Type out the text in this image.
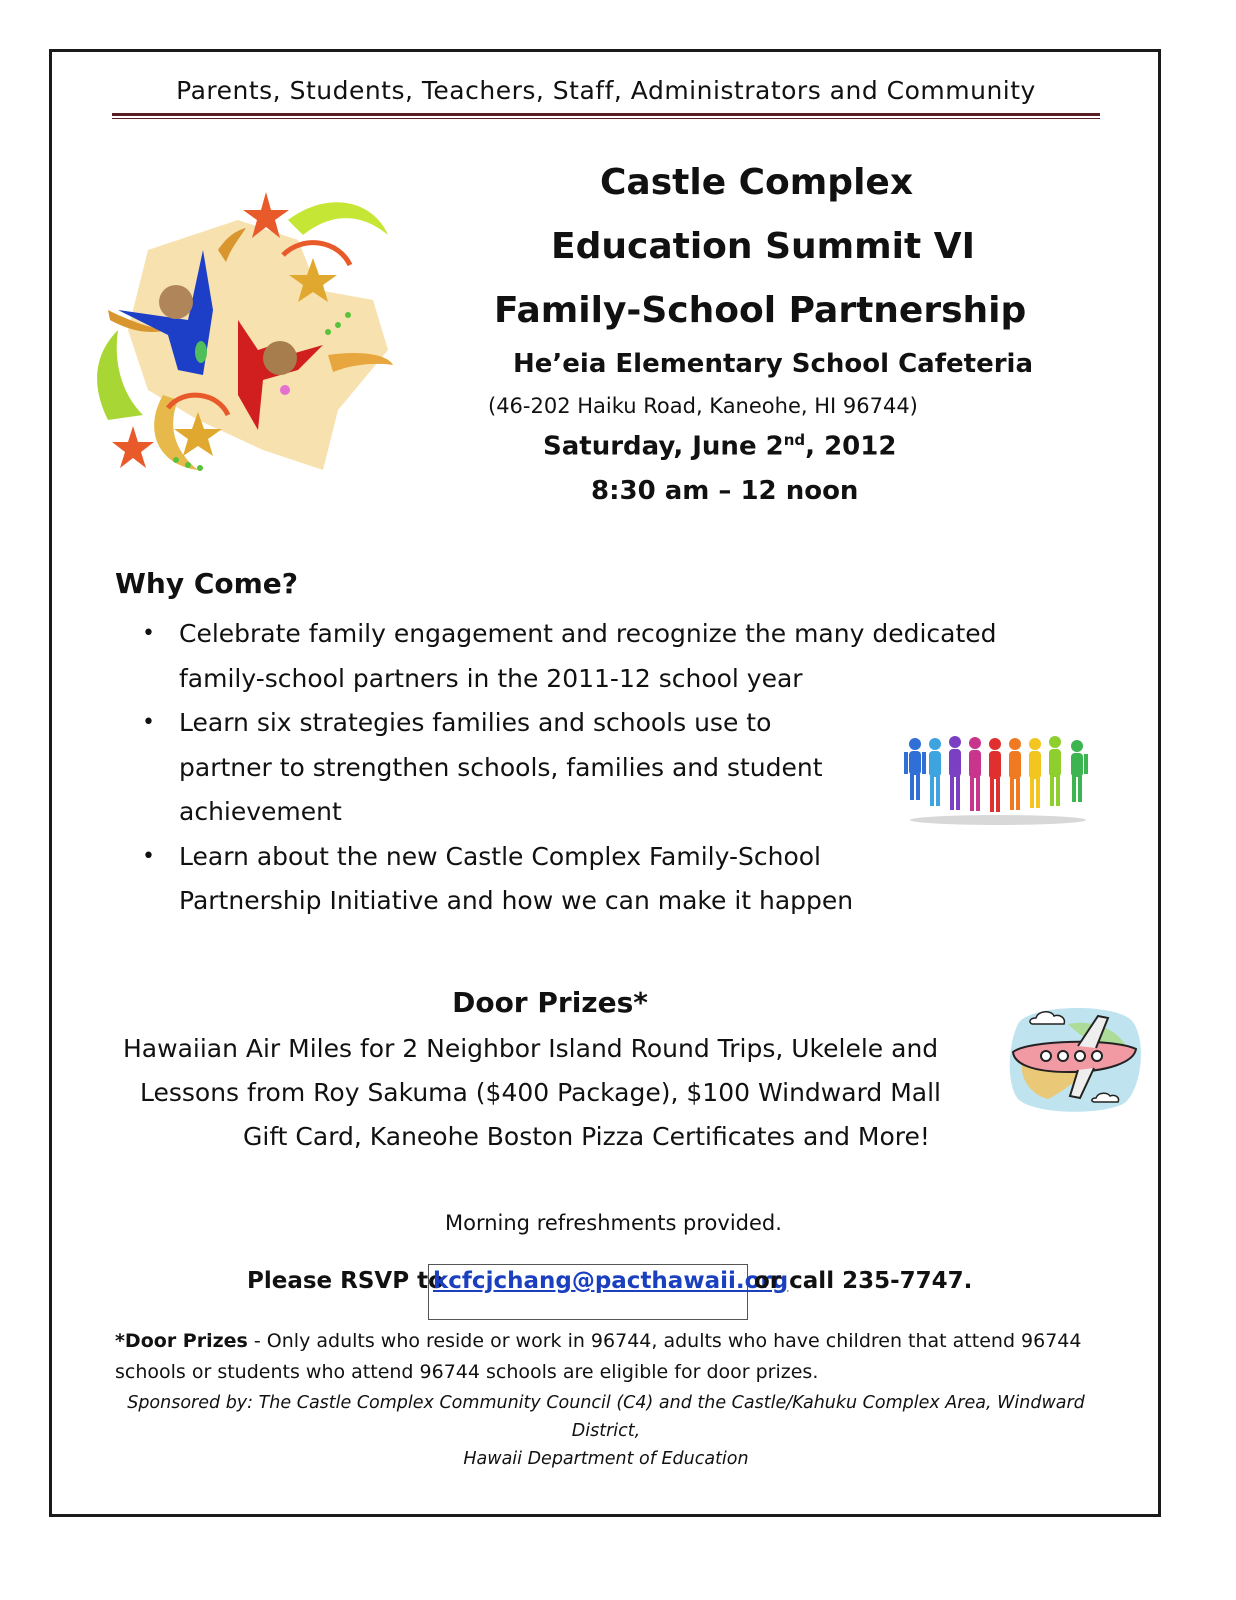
Parents, Students, Teachers, Staff, Administrators and Community
Castle Complex
Education Summit VI
Family-School Partnership
He’eia Elementary School Cafeteria
(46-202 Haiku Road, Kaneohe, HI 96744)
Saturday, June 2nd, 2012
8:30 am – 12 noon
Why Come?
• Celebrate family engagement and recognize the many dedicated
family-school partners in the 2011-12 school year
• Learn six strategies families and schools use to
partner to strengthen schools, families and student
achievement
• Learn about the new Castle Complex Family-School
Partnership Initiative and how we can make it happen
Door Prizes*
Hawaiian Air Miles for 2 Neighbor Island Round Trips, Ukelele and
Lessons from Roy Sakuma ($400 Package), $100 Windward Mall
Gift Card, Kaneohe Boston Pizza Certificates and More!
Morning refreshments provided.
Please RSVP to
kcfcjchang@pacthawaii.org
or call 235-7747.
*Door Prizes - Only adults who reside or work in 96744, adults who have children that attend 96744
schools or students who attend 96744 schools are eligible for door prizes.
Sponsored by: The Castle Complex Community Council (C4) and the Castle/Kahuku Complex Area, Windward District,
Hawaii Department of Education
